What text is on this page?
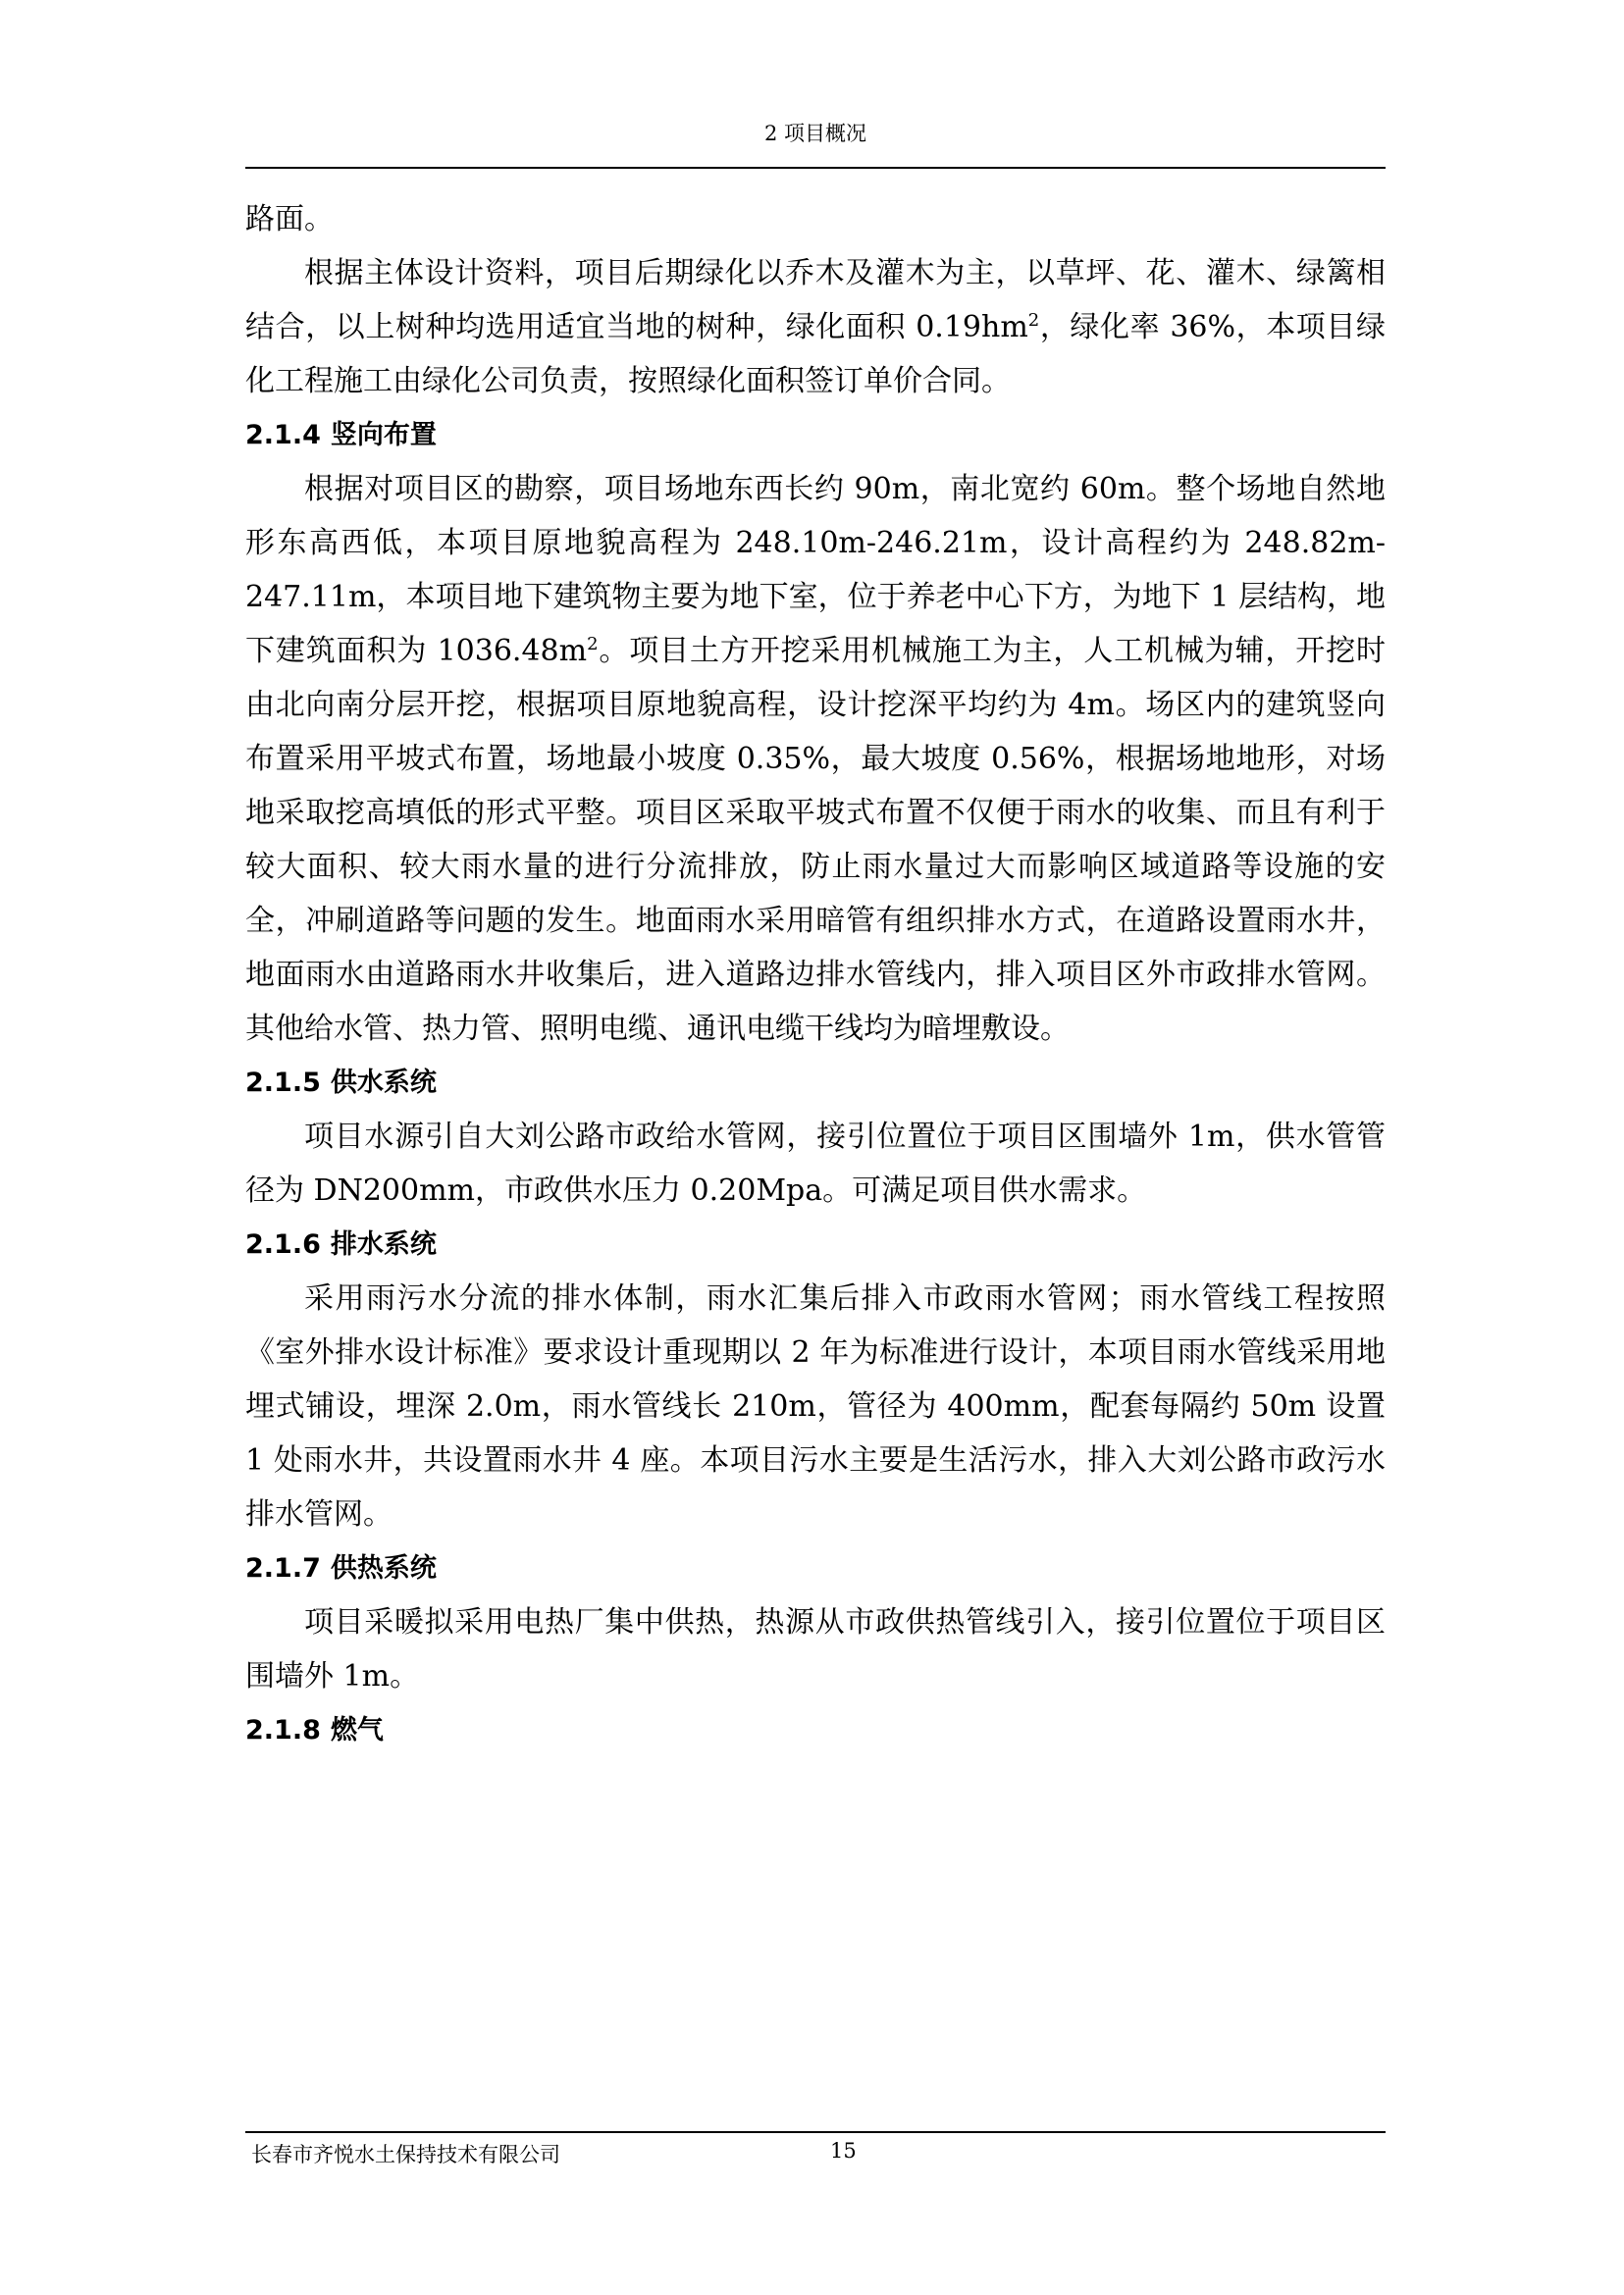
2 项目概况

路面。

根据主体设计资料，项目后期绿化以乔木及灌木为主，以草坪、花、灌木、绿篱相结合，以上树种均选用适宜当地的树种，绿化面积 $0.19hm^2$，绿化率 36%，本项目绿化工程施工由绿化公司负责，按照绿化面积签订单价合同。

2.1.4 竖向布置

根据对项目区的勘察，项目场地东西长约 90m，南北宽约 60m。整个场地自然地形东高西低，本项目原地貌高程为 248.10m-246.21m，设计高程约为 248.82m-247.11m，本项目地下建筑物主要为地下室，位于养老中心下方，为地下 1 层结构，地下建筑面积为 $1036.48m^2$。项目土方开挖采用机械施工为主，人工机械为辅，开挖时由北向南分层开挖，根据项目原地貌高程，设计挖深平均约为 4m。场区内的建筑竖向布置采用平坡式布置，场地最小坡度 0.35%，最大坡度 0.56%，根据场地地形，对场地采取挖高填低的形式平整。项目区采取平坡式布置不仅便于雨水的收集、而且有利于较大面积、较大雨水量的进行分流排放，防止雨水量过大而影响区域道路等设施的安全，冲刷道路等问题的发生。地面雨水采用暗管有组织排水方式，在道路设置雨水井，地面雨水由道路雨水井收集后，进入道路边排水管线内，排入项目区外市政排水管网。其他给水管、热力管、照明电缆、通讯电缆干线均为暗埋敷设。

2.1.5 供水系统

项目水源引自大刘公路市政给水管网，接引位置位于项目区围墙外 1m，供水管管径为 DN200mm，市政供水压力 0.20Mpa。可满足项目供水需求。

2.1.6 排水系统

采用雨污水分流的排水体制，雨水汇集后排入市政雨水管网；雨水管线工程按照《室外排水设计标准》要求设计重现期以 2 年为标准进行设计，本项目雨水管线采用地埋式铺设，埋深 2.0m，雨水管线长 210m，管径为 400mm，配套每隔约 50m 设置 1 处雨水井，共设置雨水井 4 座。本项目污水主要是生活污水，排入大刘公路市政污水排水管网。

2.1.7 供热系统

项目采暖拟采用电热厂集中供热，热源从市政供热管线引入，接引位置位于项目区围墙外 1m。

2.1.8 燃气

长春市齐悦水土保持技术有限公司	15
